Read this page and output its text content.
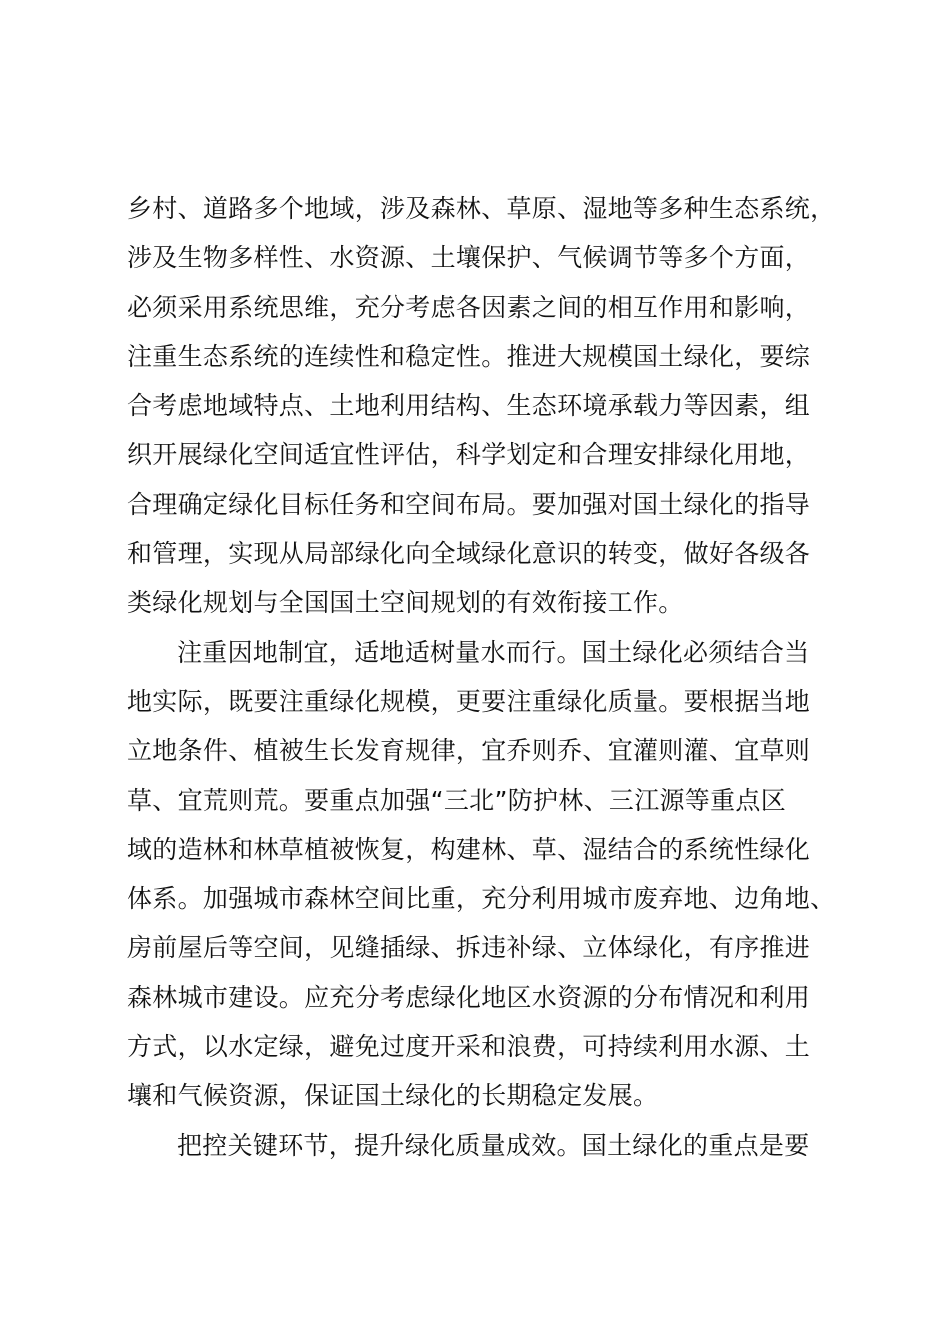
乡村、道路多个地域，涉及森林、草原、湿地等多种生态系统，
涉及生物多样性、水资源、土壤保护、气候调节等多个方面，
必须采用系统思维，充分考虑各因素之间的相互作用和影响，
注重生态系统的连续性和稳定性。推进大规模国土绿化，要综
合考虑地域特点、土地利用结构、生态环境承载力等因素，组
织开展绿化空间适宜性评估，科学划定和合理安排绿化用地，
合理确定绿化目标任务和空间布局。要加强对国土绿化的指导
和管理，实现从局部绿化向全域绿化意识的转变，做好各级各
类绿化规划与全国国土空间规划的有效衔接工作。
注重因地制宜，适地适树量水而行。国土绿化必须结合当
地实际，既要注重绿化规模，更要注重绿化质量。要根据当地
立地条件、植被生长发育规律，宜乔则乔、宜灌则灌、宜草则
草、宜荒则荒。要重点加强“三北”防护林、三江源等重点区
域的造林和林草植被恢复，构建林、草、湿结合的系统性绿化
体系。加强城市森林空间比重，充分利用城市废弃地、边角地、
房前屋后等空间，见缝插绿、拆违补绿、立体绿化，有序推进
森林城市建设。应充分考虑绿化地区水资源的分布情况和利用
方式，以水定绿，避免过度开采和浪费，可持续利用水源、土
壤和气候资源，保证国土绿化的长期稳定发展。
把控关键环节，提升绿化质量成效。国土绿化的重点是要
